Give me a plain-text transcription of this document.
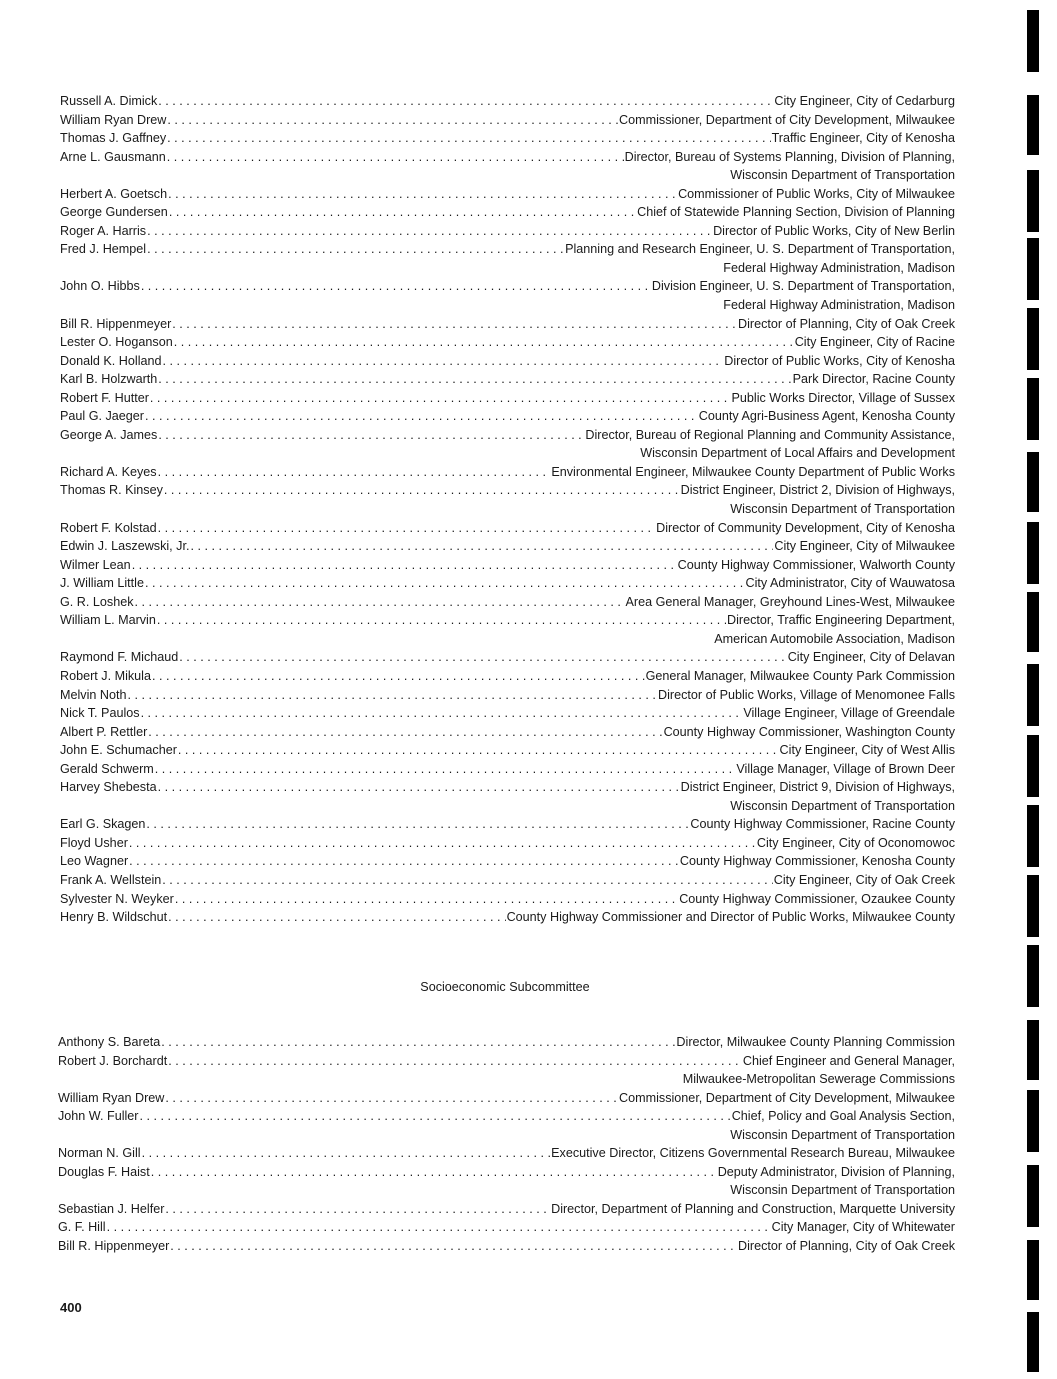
Russell A. Dimick . . .	City Engineer, City of Cedarburg
William Ryan Drew . . .	Commissioner, Department of City Development, Milwaukee
Thomas J. Gaffney . . .	Traffic Engineer, City of Kenosha
Arne L. Gausmann . . .	Director, Bureau of Systems Planning, Division of Planning,
Wisconsin Department of Transportation
Herbert A. Goetsch . . .	Commissioner of Public Works, City of Milwaukee
George Gundersen . . .	Chief of Statewide Planning Section, Division of Planning
Roger A. Harris . . .	Director of Public Works, City of New Berlin
Fred J. Hempel . . .	Planning and Research Engineer, U. S. Department of Transportation,
Federal Highway Administration, Madison
John O. Hibbs . . .	Division Engineer, U. S. Department of Transportation,
Federal Highway Administration, Madison
Bill R. Hippenmeyer . . .	Director of Planning, City of Oak Creek
Lester O. Hoganson . . .	City Engineer, City of Racine
Donald K. Holland . . .	Director of Public Works, City of Kenosha
Karl B. Holzwarth . . .	Park Director, Racine County
Robert F. Hutter . . .	Public Works Director, Village of Sussex
Paul G. Jaeger . . .	County Agri-Business Agent, Kenosha County
George A. James . . .	Director, Bureau of Regional Planning and Community Assistance,
Wisconsin Department of Local Affairs and Development
Richard A. Keyes . . .	Environmental Engineer, Milwaukee County Department of Public Works
Thomas R. Kinsey . . .	District Engineer, District 2, Division of Highways,
Wisconsin Department of Transportation
Robert F. Kolstad . . .	Director of Community Development, City of Kenosha
Edwin J. Laszewski, Jr. . . .	City Engineer, City of Milwaukee
Wilmer Lean . . .	County Highway Commissioner, Walworth County
J. William Little . . .	City Administrator, City of Wauwatosa
G. R. Loshek . . .	Area General Manager, Greyhound Lines-West, Milwaukee
William L. Marvin . . .	Director, Traffic Engineering Department,
American Automobile Association, Madison
Raymond F. Michaud . . .	City Engineer, City of Delavan
Robert J. Mikula . . .	General Manager, Milwaukee County Park Commission
Melvin Noth . . .	Director of Public Works, Village of Menomonee Falls
Nick T. Paulos . . .	Village Engineer, Village of Greendale
Albert P. Rettler . . .	County Highway Commissioner, Washington County
John E. Schumacher . . .	City Engineer, City of West Allis
Gerald Schwerm . . .	Village Manager, Village of Brown Deer
Harvey Shebesta . . .	District Engineer, District 9, Division of Highways,
Wisconsin Department of Transportation
Earl G. Skagen . . .	County Highway Commissioner, Racine County
Floyd Usher . . .	City Engineer, City of Oconomowoc
Leo Wagner . . .	County Highway Commissioner, Kenosha County
Frank A. Wellstein . . .	City Engineer, City of Oak Creek
Sylvester N. Weyker . . .	County Highway Commissioner, Ozaukee County
Henry B. Wildschut . . .	County Highway Commissioner and Director of Public Works, Milwaukee County
Socioeconomic Subcommittee
Anthony S. Bareta . . .	Director, Milwaukee County Planning Commission
Robert J. Borchardt . . .	Chief Engineer and General Manager,
Milwaukee-Metropolitan Sewerage Commissions
William Ryan Drew . . .	Commissioner, Department of City Development, Milwaukee
John W. Fuller . . .	Chief, Policy and Goal Analysis Section,
Wisconsin Department of Transportation
Norman N. Gill . . .	Executive Director, Citizens Governmental Research Bureau, Milwaukee
Douglas F. Haist . . .	Deputy Administrator, Division of Planning,
Wisconsin Department of Transportation
Sebastian J. Helfer . . .	Director, Department of Planning and Construction, Marquette University
G. F. Hill . . .	City Manager, City of Whitewater
Bill R. Hippenmeyer . . .	Director of Planning, City of Oak Creek
400
